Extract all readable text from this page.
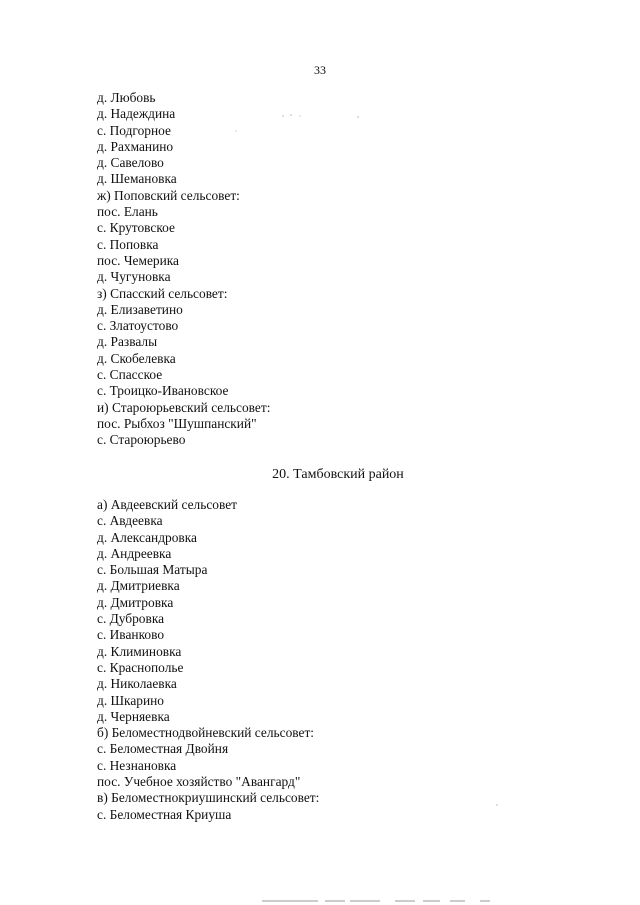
33
д. Любовь
д. Надеждина
с. Подгорное
д. Рахманино
д. Савелово
д. Шемановка
ж) Поповский сельсовет:
пос. Елань
с. Крутовское
с. Поповка
пос. Чемерика
д. Чугуновка
з) Спасский сельсовет:
д. Елизаветино
с. Златоустово
д. Развалы
д. Скобелевка
с. Спасское
с. Троицко-Ивановское
и) Староюрьевский сельсовет:
пос. Рыбхоз "Шушпанский"
с. Староюрьево
20. Тамбовский район
а) Авдеевский сельсовет
с. Авдеевка
д. Александровка
д. Андреевка
с. Большая Матыра
д. Дмитриевка
д. Дмитровка
с. Дубровка
с. Иванково
д. Климиновка
с. Краснополье
д. Николаевка
д. Шкарино
д. Черняевка
б) Беломестнодвойневский сельсовет:
с. Беломестная Двойня
с. Незнановка
пос. Учебное хозяйство "Авангард"
в) Беломестнокриушинский сельсовет:
с. Беломестная Криуша
